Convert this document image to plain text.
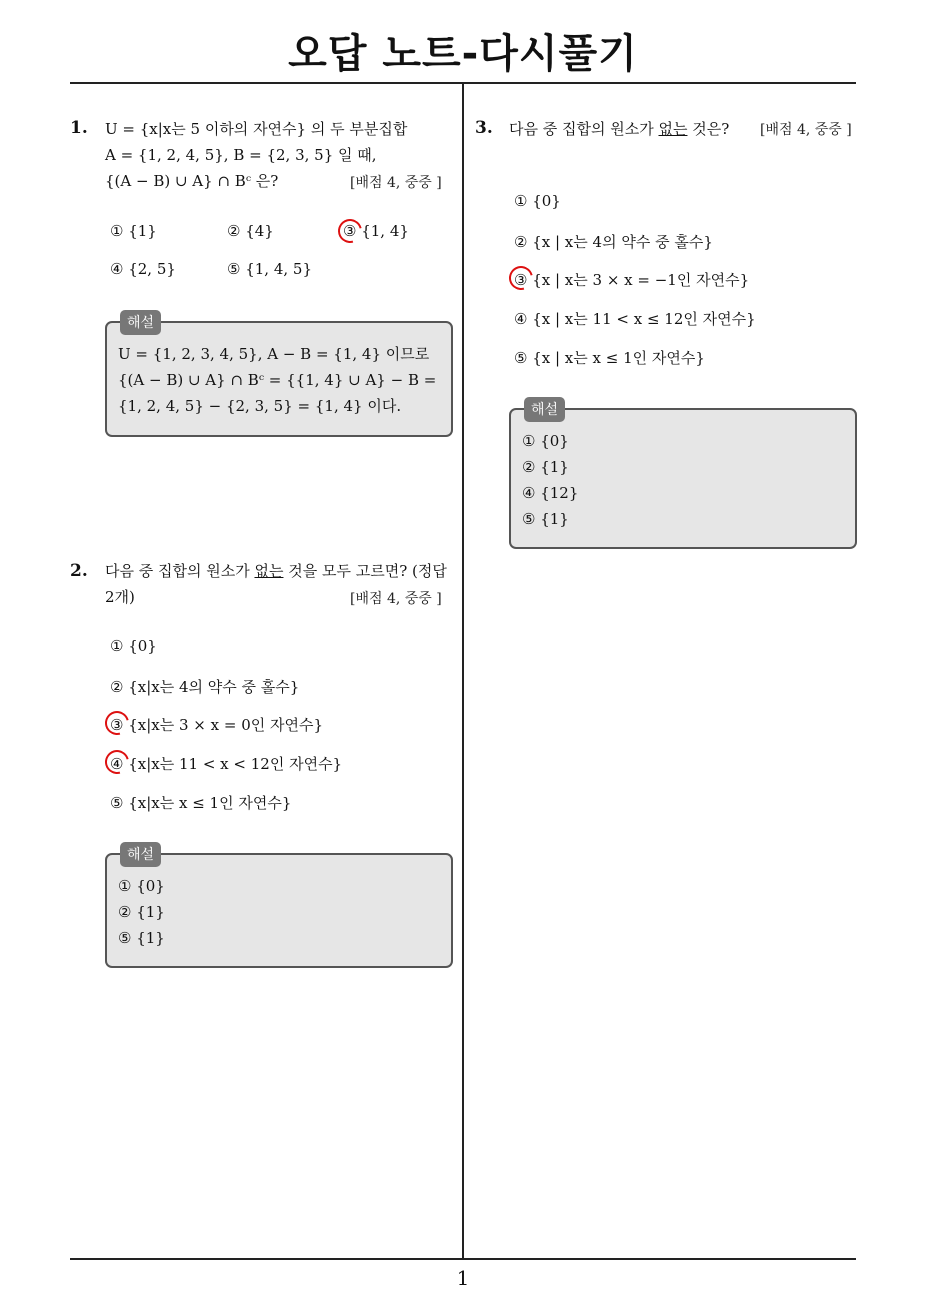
오답 노트-다시풀기
1
1. U = {x|x는 5 이하의 자연수} 의 두 부분집합
A = {1, 2, 4, 5}, B = {2, 3, 5} 일 때,
{(A − B) ∪ A} ∩ Bᶜ 은?	[배점 4, 중중 ]
① {1}	② {4}	③ {1, 4}
④ {2, 5}	⑤ {1, 4, 5}
U = {1, 2, 3, 4, 5}, A − B = {1, 4} 이므로
{(A − B) ∪ A} ∩ Bᶜ = {{1, 4} ∪ A} − B =
{1, 2, 4, 5} − {2, 3, 5} = {1, 4} 이다.
해설
2. 다음 중 집합의 원소가 없는 것을 모두 고르면? (정답
2개)	[배점 4, 중중 ]
① {0}
② {x|x는 4의 약수 중 홀수}
③ {x|x는 3 × x = 0인 자연수}
④ {x|x는 11 < x < 12인 자연수}
⑤ {x|x는 x ≤ 1인 자연수}
① {0}
② {1}
⑤ {1}
해설
3. 다음 중 집합의 원소가 없는 것은? [배점 4, 중중 ]
① {0}
② {x | x는 4의 약수 중 홀수}
③ {x | x는 3 × x = −1인 자연수}
④ {x | x는 11 < x ≤ 12인 자연수}
⑤ {x | x는 x ≤ 1인 자연수}
① {0}
② {1}
④ {12}
⑤ {1}
해설
